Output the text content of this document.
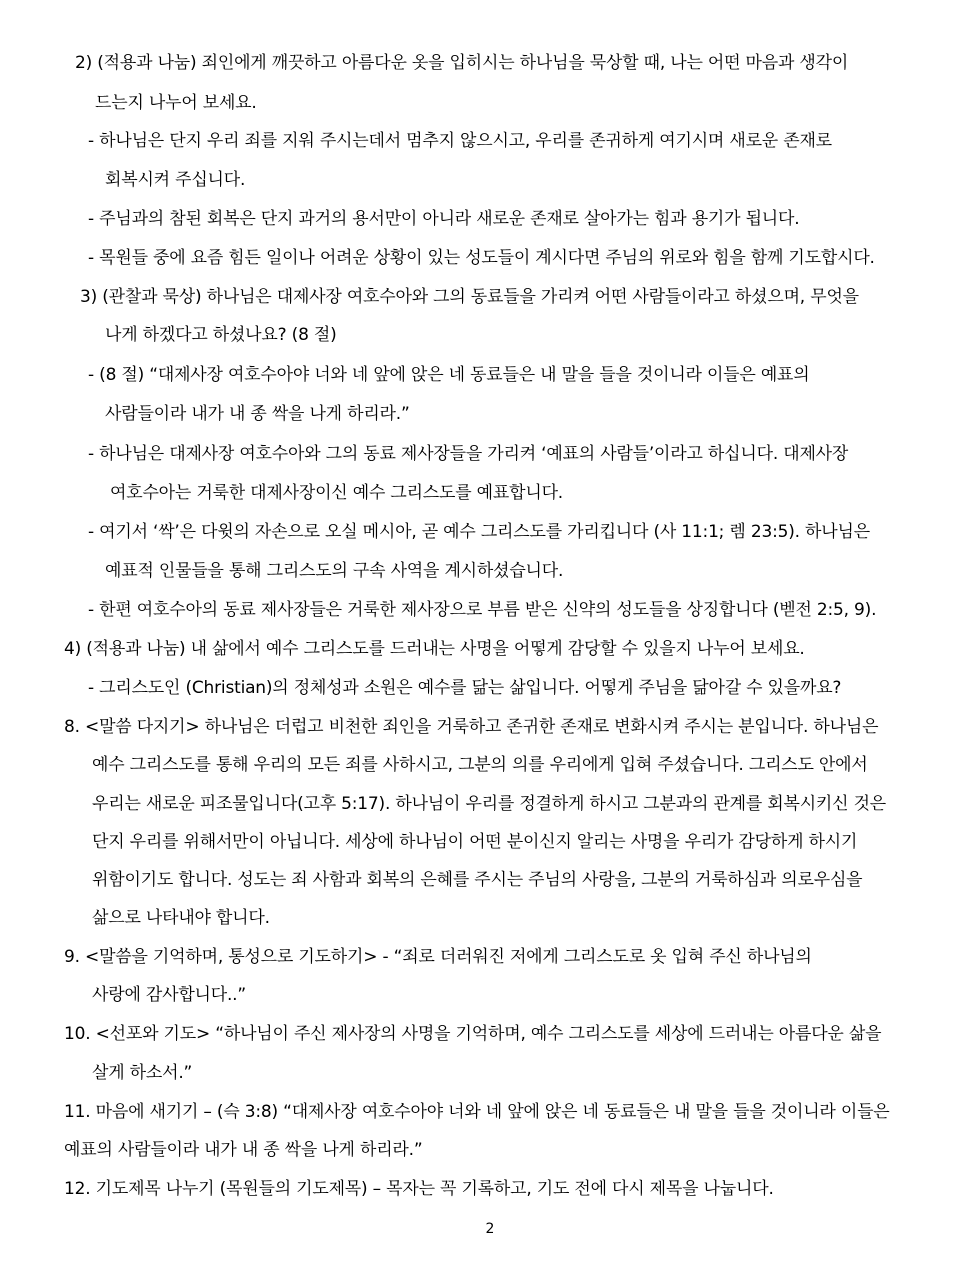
2) (적용과 나눔) 죄인에게 깨끗하고 아름다운 옷을 입히시는 하나님을 묵상할 때, 나는 어떤 마음과 생각이
드는지 나누어 보세요.
- 하나님은 단지 우리 죄를 지워 주시는데서 멈추지 않으시고, 우리를 존귀하게 여기시며 새로운 존재로
회복시켜 주십니다.
- 주님과의 참된 회복은 단지 과거의 용서만이 아니라 새로운 존재로 살아가는 힘과 용기가 됩니다.
- 목원들 중에 요즘 힘든 일이나 어려운 상황이 있는 성도들이 계시다면 주님의 위로와 힘을 함께 기도합시다.
3) (관찰과 묵상) 하나님은 대제사장 여호수아와 그의 동료들을 가리켜 어떤 사람들이라고 하셨으며, 무엇을
나게 하겠다고 하셨나요? (8 절)
- (8 절) “대제사장 여호수아야 너와 네 앞에 앉은 네 동료들은 내 말을 들을 것이니라 이들은 예표의
사람들이라 내가 내 종 싹을 나게 하리라.”
- 하나님은 대제사장 여호수아와 그의 동료 제사장들을 가리켜 ‘예표의 사람들’이라고 하십니다. 대제사장
여호수아는 거룩한 대제사장이신 예수 그리스도를 예표합니다.
- 여기서 ‘싹’은 다윗의 자손으로 오실 메시아, 곧 예수 그리스도를 가리킵니다 (사 11:1; 렘 23:5). 하나님은
예표적 인물들을 통해 그리스도의 구속 사역을 계시하셨습니다.
- 한편 여호수아의 동료 제사장들은 거룩한 제사장으로 부름 받은 신약의 성도들을 상징합니다 (벧전 2:5, 9).
4) (적용과 나눔) 내 삶에서 예수 그리스도를 드러내는 사명을 어떻게 감당할 수 있을지 나누어 보세요.
- 그리스도인 (Christian)의 정체성과 소원은 예수를 닮는 삶입니다. 어떻게 주님을 닮아갈 수 있을까요?
8. <말씀 다지기> 하나님은 더럽고 비천한 죄인을 거룩하고 존귀한 존재로 변화시켜 주시는 분입니다. 하나님은
예수 그리스도를 통해 우리의 모든 죄를 사하시고, 그분의 의를 우리에게 입혀 주셨습니다. 그리스도 안에서
우리는 새로운 피조물입니다(고후 5:17). 하나님이 우리를 정결하게 하시고 그분과의 관계를 회복시키신 것은
단지 우리를 위해서만이 아닙니다. 세상에 하나님이 어떤 분이신지 알리는 사명을 우리가 감당하게 하시기
위함이기도 합니다. 성도는 죄 사함과 회복의 은혜를 주시는 주님의 사랑을, 그분의 거룩하심과 의로우심을
삶으로 나타내야 합니다.
9. <말씀을 기억하며, 통성으로 기도하기> - “죄로 더러워진 저에게 그리스도로 옷 입혀 주신 하나님의
사랑에 감사합니다..”
10. <선포와 기도> “하나님이 주신 제사장의 사명을 기억하며, 예수 그리스도를 세상에 드러내는 아름다운 삶을
살게 하소서.”
11. 마음에 새기기 – (슥 3:8) “대제사장 여호수아야 너와 네 앞에 앉은 네 동료들은 내 말을 들을 것이니라 이들은
예표의 사람들이라 내가 내 종 싹을 나게 하리라.”
12. 기도제목 나누기 (목원들의 기도제목) – 목자는 꼭 기록하고, 기도 전에 다시 제목을 나눕니다.
2
